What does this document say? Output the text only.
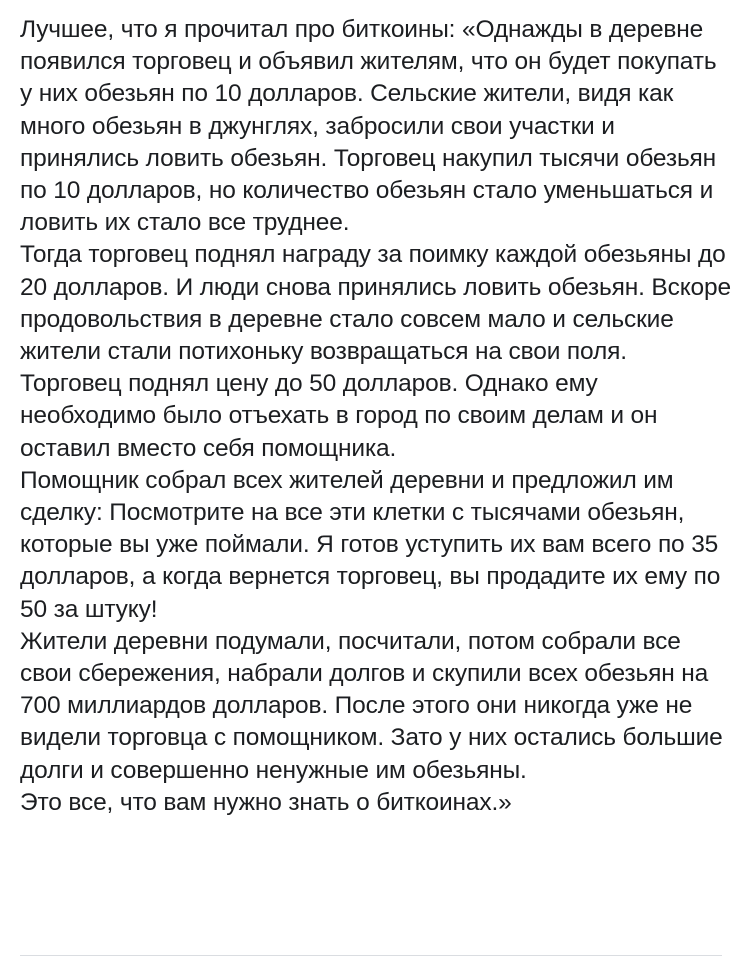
Лучшее, что я прочитал про биткоины: «Однажды в деревне появился торговец и объявил жителям, что он будет покупать у них обезьян по 10 долларов. Сельские жители, видя как много обезьян в джунглях, забросили свои участки и принялись ловить обезьян. Торговец накупил тысячи обезьян по 10 долларов, но количество обезьян стало уменьшаться и ловить их стало все труднее.

Тогда торговец поднял награду за поимку каждой обезьяны до 20 долларов. И люди снова принялись ловить обезьян. Вскоре продовольствия в деревне стало совсем мало и сельские жители стали потихоньку возвращаться на свои поля. Торговец поднял цену до 50 долларов. Однако ему необходимо было отъехать в город по своим делам и он оставил вместо себя помощника.

Помощник собрал всех жителей деревни и предложил им сделку: Посмотрите на все эти клетки с тысячами обезьян, которые вы уже поймали. Я готов уступить их вам всего по 35 долларов, а когда вернется торговец, вы продадите их ему по 50 за штуку!

Жители деревни подумали, посчитали, потом собрали все свои сбережения, набрали долгов и скупили всех обезьян на 700 миллиардов долларов. После этого они никогда уже не видели торговца с помощником. Зато у них остались большие долги и совершенно ненужные им обезьяны.

Это все, что вам нужно знать о биткоинах.»
